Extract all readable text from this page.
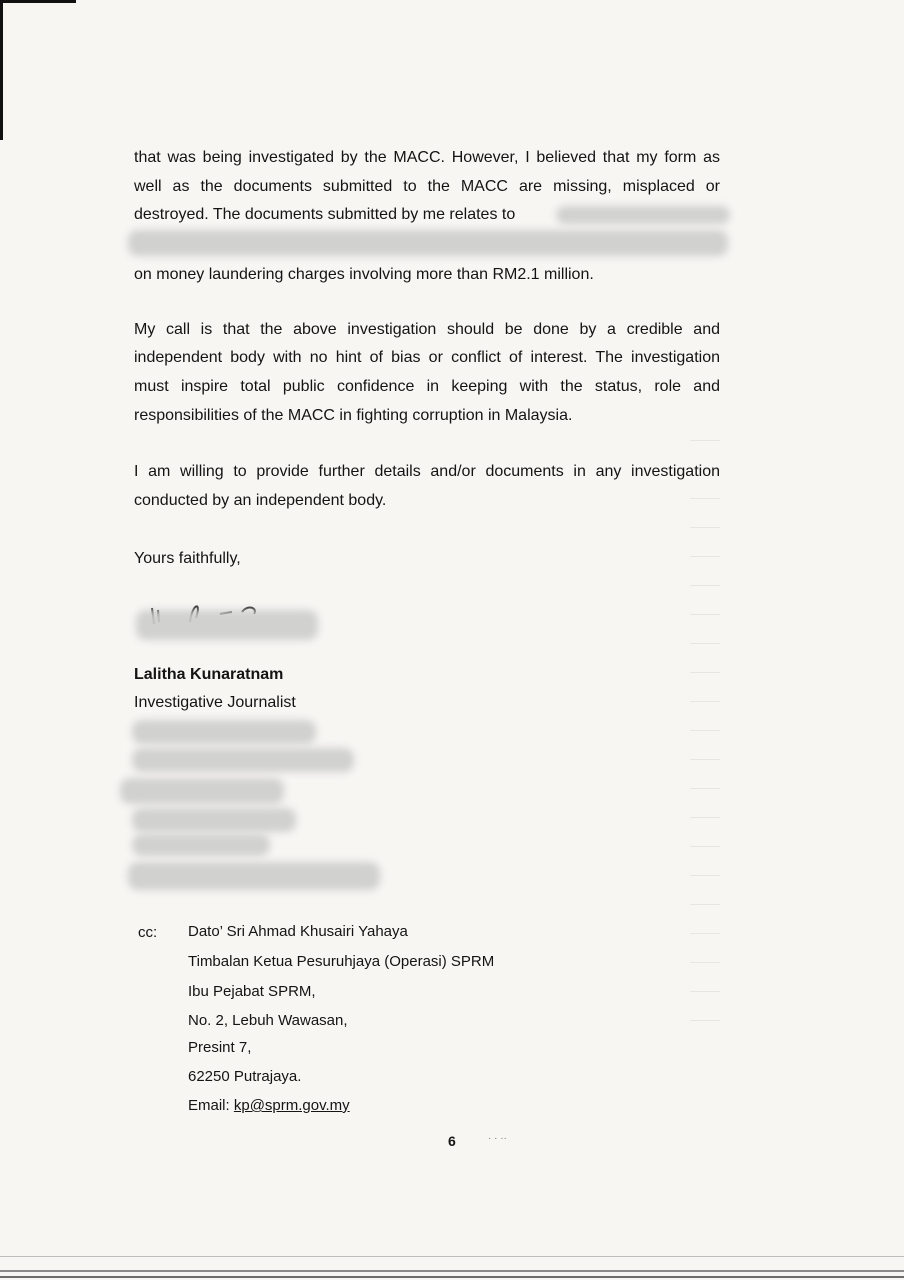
that was being investigated by the MACC. However, I believed that my form as
well as the documents submitted to the MACC are missing, misplaced or
destroyed. The documents submitted by me relates to
on money laundering charges involving more than RM2.1 million.
My call is that the above investigation should be done by a credible and
independent body with no hint of bias or conflict of interest. The investigation
must inspire total public confidence in keeping with the status, role and
responsibilities of the MACC in fighting corruption in Malaysia.
I am willing to provide further details and/or documents in any investigation
conducted by an independent body.
Yours faithfully,
Lalitha Kunaratnam
Investigative Journalist
cc: Dato’ Sri Ahmad Khusairi Yahaya
Timbalan Ketua Pesuruhjaya (Operasi) SPRM
Ibu Pejabat SPRM,
No. 2, Lebuh Wawasan,
Presint 7,
62250 Putrajaya.
Email: kp@sprm.gov.my
6	· · ··
